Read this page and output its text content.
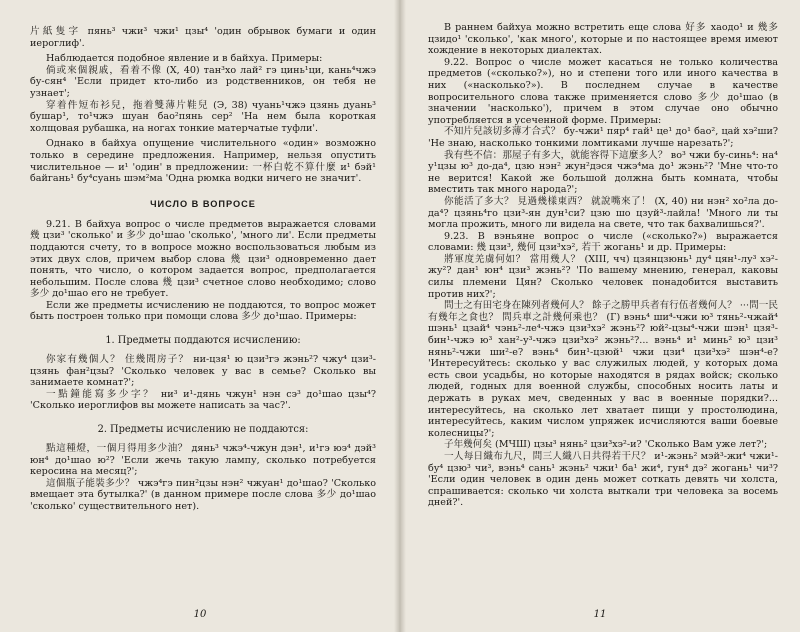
片紙隻字 пянь³ чжи³ чжи¹ цзы⁴ 'один обрывок бумаги и один иероглиф'.

Наблюдается подобное явление и в байхуа. Примеры:

倘或來個親戚，看着不像 (X, 40) тан³хо лай² гэ цинь¹ци, кань⁴чжэ бу-сян⁴ 'Если придет кто-либо из родственников, он тебя не узнает';

穿着件短布衫兒，拖着雙薄片鞋兒 (Э, 38) чуань¹чжэ цзянь дуань³ бушар¹, то¹чжэ шуан бао²пянь сер² 'На нем была короткая холщовая рубашка, на ногах тонкие матерчатые туфли'.

Однако в байхуа опущение числительного «один» возможно только в середине предложения. Например, нельзя опустить числительное — и¹ 'один' в предложении: 一杯白乾不算什麼 и¹ бэй¹ байгань¹ бу⁴суань шэм²ма 'Одна рюмка водки ничего не значит'.

ЧИСЛО В ВОПРОСЕ

9.21. В байхуа вопрос о числе предметов выражается словами 幾 цзи³ 'сколько' и 多少 до¹шао 'сколько', 'много ли'. Если предметы поддаются счету, то в вопросе можно воспользоваться любым из этих двух слов, причем выбор слова 幾 цзи³ одновременно дает понять, что число, о котором задается вопрос, предполагается небольшим. После слова 幾 цзи³ счетное слово необходимо; слово 多少 до¹шао его не требует.

Если же предметы исчислению не поддаются, то вопрос может быть построен только при помощи слова 多少 до¹шао. Примеры:

1. Предметы поддаются исчислению:

你家有幾個人？ 住幾間房子？ ни-цзя¹ ю цзи³гэ жэнь²? чжу⁴ цзи³-цзянь фан²цзы? 'Сколько человек у вас в семье? Сколько вы занимаете комнат?';

一點鐘能寫多少字？ ни³ и¹-дянь чжун¹ нэн сэ³ до¹шао цзы⁴? 'Сколько иероглифов вы можете написать за час?'.

2. Предметы исчислению не поддаются:

點這種燈，一個月得用多少油？ дянь³ чжэ⁴-чжун дэн¹, и¹гэ юэ⁴ дэй³ юн⁴ до¹шао ю²? 'Если жечь такую лампу, сколько потребуется керосина на месяц?';

這個瓶子能裝多少？ чжэ⁴гэ пин²цзы нэн² чжуан¹ до¹шао? 'Сколько вмещает эта бутылка?' (в данном примере после слова 多少 до¹шао 'сколько' существительного нет).

10

В раннем байхуа можно встретить еще слова 好多 хаодо¹ и 幾多 цзидо¹ 'сколько', 'как много', которые и по настоящее время имеют хождение в некоторых диалектах.

9.22. Вопрос о числе может касаться не только количества предметов («сколько?»), но и степени того или иного качества в них («насколько?»). В последнем случае в качестве вопросительного слова также применяется слово 多少 до¹шао (в значении 'насколько'), причем в этом случае оно обычно употребляется в усеченной форме. Примеры:

不知片兒該切多薄才合式？ бу-чжи¹ пяр⁴ гай¹ це¹ до¹ бао², цай хэ²ши? 'Не знаю, насколько тонкими ломтиками лучше нарезать?';

我有些不信：那屋子有多大，就能容得下這麼多人？ во³ чжи бу-синь⁴: на⁴ у¹цзы ю³ до-да⁴, цзю нэн² жун²дэся чжэ⁴ма до¹ жэнь²? 'Мне что-то не верится! Какой же большой должна быть комната, чтобы вместить так много народа?';

你能活了多大？ 見過幾樣東西？ 就說嘴來了！ (X, 40) ни нэн² хо²ла до-да⁴? цзянь⁴го цзи³-ян дун¹си? цзю шо цзуй³-лайла! 'Много ли ты могла прожить, много ли видела на свете, что так бахвалишься?'.

9.23. В вэньяне вопрос о числе («сколько?») выражается словами: 幾 цзи³, 幾何 цзи³хэ², 若干 жогань¹ и др. Примеры:

將軍度羌虜何如？ 當用幾人？ (XIII, чч) цзянцзюнь¹ ду⁴ цян¹-лу³ хэ²-жу²? дан¹ юн⁴ цзи³ жэнь²? 'По вашему мнению, генерал, каковы силы племени Цян? Сколько человек понадобится выставить против них?';

問士之有田宅身在陳列者幾何人？ 餘子之勝甲兵者有行伍者幾何人？ ···問一民有幾年之食也？ 問兵車之計幾何乘也？ (Г) вэнь⁴ ши⁴-чжи ю³ тянь²-чжай⁴ шэнь¹ цзай⁴ чэнь²-ле⁴-чжэ цзи³хэ² жэнь²? юй²-цзы⁴-чжи шэн¹ цзя³-бин¹-чжэ ю³ хан²-у³-чжэ цзи³хэ² жэнь²?... вэнь⁴ и¹ минь² ю³ цзи³ нянь²-чжи ши²-е? вэнь⁴ бин¹-цзюй¹ чжи цзи⁴ цзи³хэ² шэн⁴-е? 'Интересуйтесь: сколько у вас служилых людей, у которых дома есть свои усадьбы, но которые находятся в рядах войск; сколько людей, годных для военной службы, способных носить латы и держать в руках меч, сведенных у вас в военные порядки?... интересуйтесь, на сколько лет хватает пищи у простолюдина, интересуйтесь, каким числом упряжек исчисляются ваши боевые колесницы?';

子年幾何矣 (МЧШ) цзы³ нянь² цзи³хэ²-и? 'Сколько Вам уже лет?';

一人每日織布九尺，問三人織八日共得若干尺？ и¹-жэнь² мэй³-жи⁴ чжи¹-бу⁴ цзю³ чи³, вэнь⁴ сань¹ жэнь² чжи¹ ба¹ жи⁴, гун⁴ дэ² жогань¹ чи³? 'Если один человек в один день может соткать девять чи холста, спрашивается: сколько чи холста выткали три человека за восемь дней?'.

11
